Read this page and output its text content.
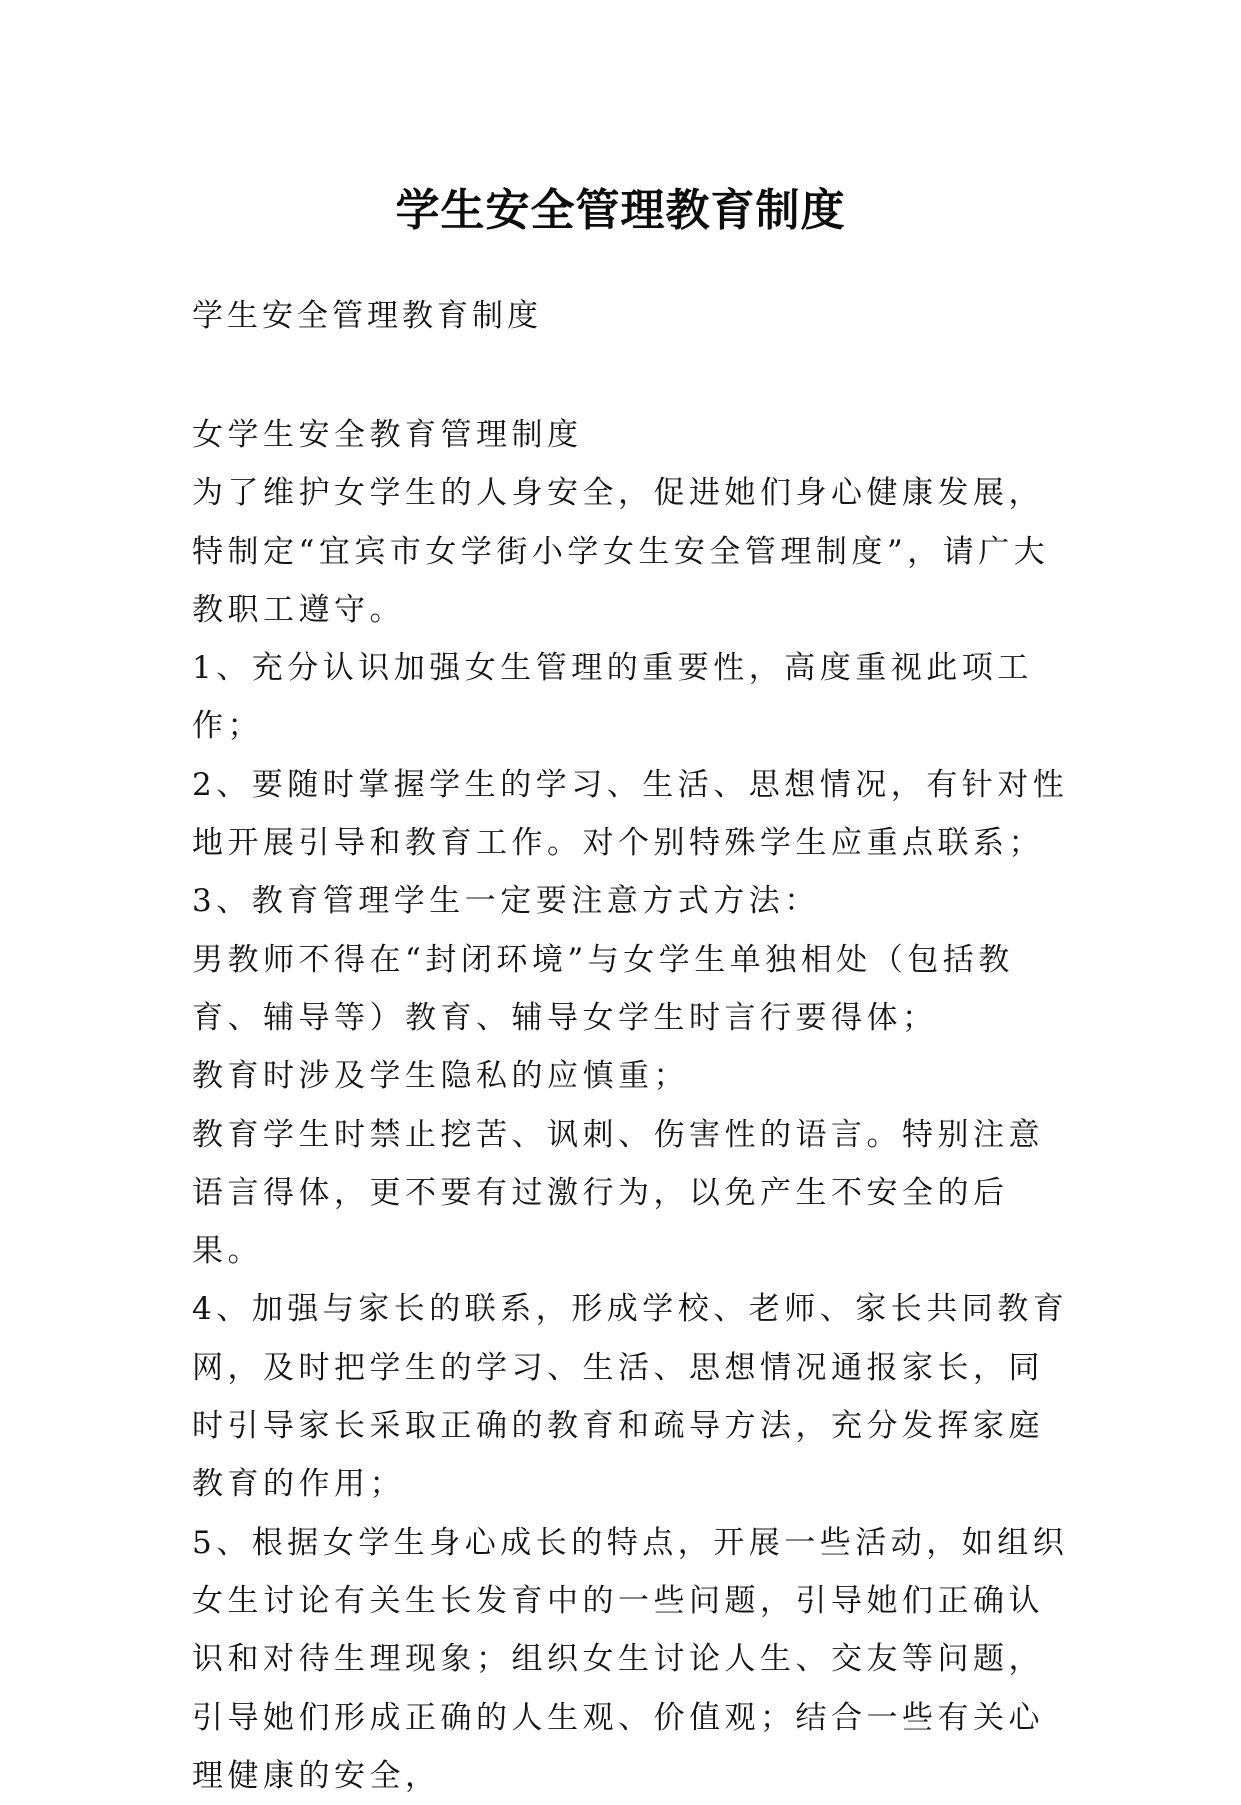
学生安全管理教育制度
学生安全管理教育制度

女学生安全教育管理制度

为了维护女学生的人身安全，促进她们身心健康发展，特制定“宜宾市女学街小学女生安全管理制度”，请广大教职工遵守。

1、充分认识加强女生管理的重要性，高度重视此项工作；

2、要随时掌握学生的学习、生活、思想情况，有针对性地开展引导和教育工作。对个别特殊学生应重点联系；

3、教育管理学生一定要注意方式方法：

男教师不得在“封闭环境”与女学生单独相处（包括教育、辅导等）教育、辅导女学生时言行要得体；

教育时涉及学生隐私的应慎重；

教育学生时禁止挖苦、讽刺、伤害性的语言。特别注意语言得体，更不要有过激行为，以免产生不安全的后果。

4、加强与家长的联系，形成学校、老师、家长共同教育网，及时把学生的学习、生活、思想情况通报家长，同时引导家长采取正确的教育和疏导方法，充分发挥家庭教育的作用；

5、根据女学生身心成长的特点，开展一些活动，如组织女生讨论有关生长发育中的一些问题，引导她们正确认识和对待生理现象；组织女生讨论人生、交友等问题，引导她们形成正确的人生观、价值观；结合一些有关心理健康的安全，
